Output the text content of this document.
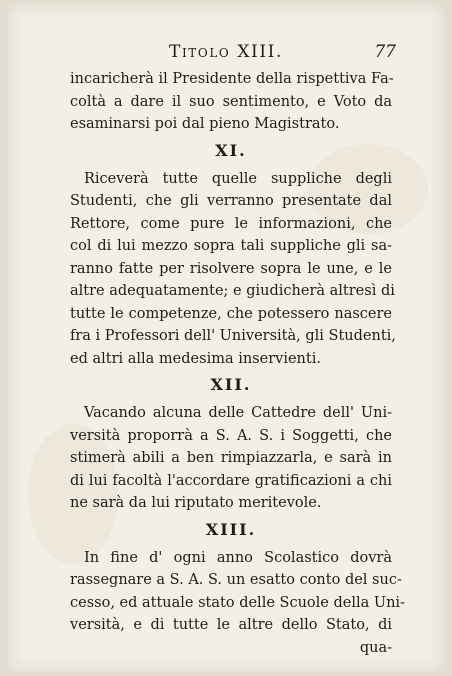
Titolo XIII.	77
incaricherà il Presidente della rispettiva Fa-
coltà a dare il suo sentimento, e Voto da
esaminarsi poi dal pieno Magistrato.
XI.
Riceverà tutte quelle suppliche degli
Studenti, che gli verranno presentate dal
Rettore, come pure le informazioni, che
col di lui mezzo sopra tali suppliche gli sa-
ranno fatte per risolvere sopra le une, e le
altre adequatamente; e giudicherà altresì di
tutte le competenze, che potessero nascere
fra i Professori dell' Università, gli Studenti,
ed altri alla medesima inservienti.
XII.
Vacando alcuna delle Cattedre dell' Uni-
versità proporrà a S. A. S. i Soggetti, che
stimerà abili a ben rimpiazzarla, e sarà in
di lui facoltà l'accordare gratificazioni a chi
ne sarà da lui riputato meritevole.
XIII.
In fine d' ogni anno Scolastico dovrà
rassegnare a S. A. S. un esatto conto del suc-
cesso, ed attuale stato delle Scuole della Uni-
versità, e di tutte le altre dello Stato, di
qua-
